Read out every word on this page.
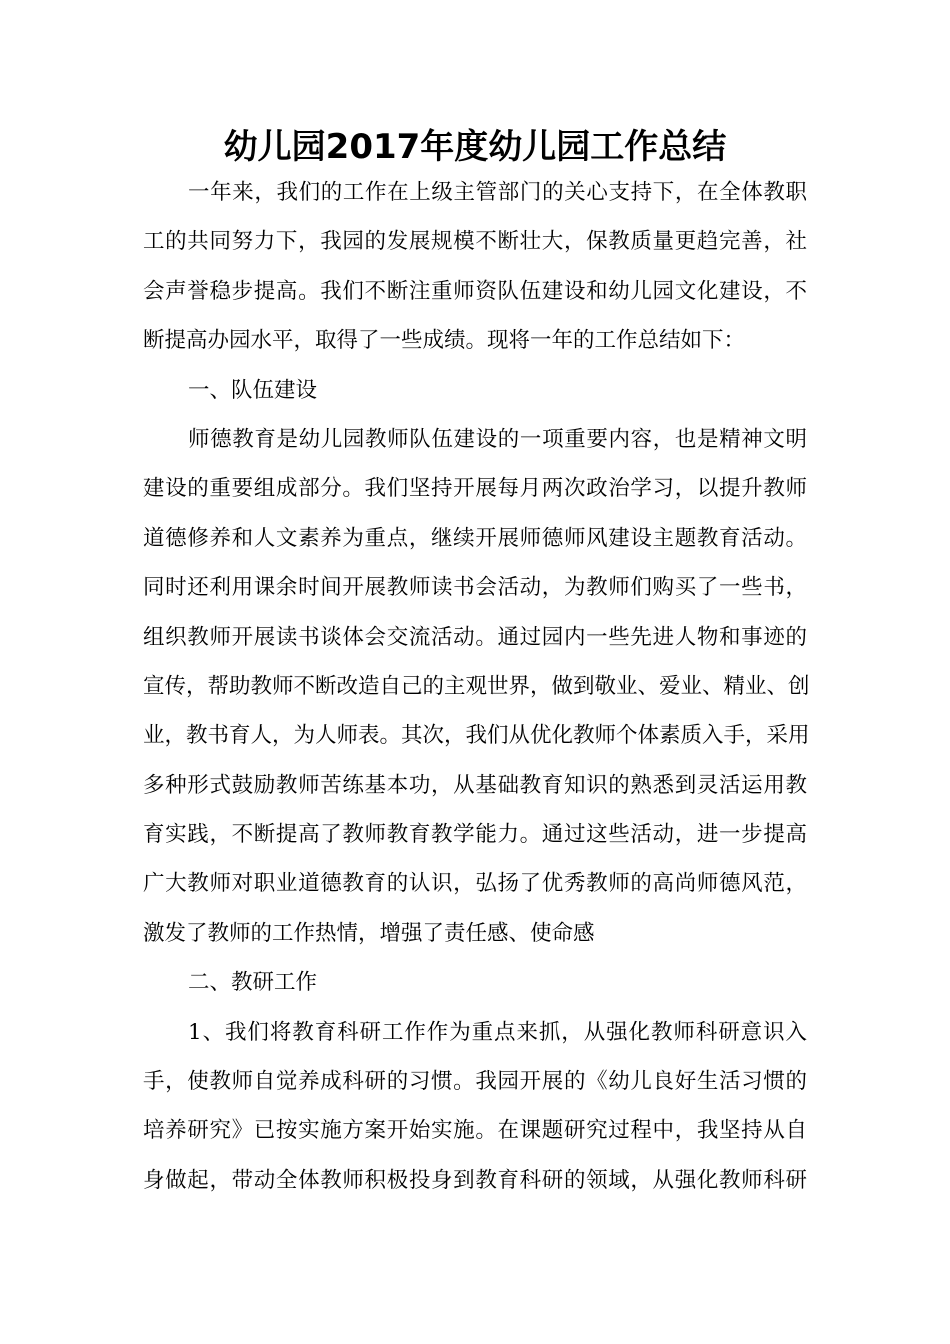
幼儿园2017年度幼儿园工作总结
一年来，我们的工作在上级主管部门的关心支持下，在全体教职
工的共同努力下，我园的发展规模不断壮大，保教质量更趋完善，社
会声誉稳步提高。我们不断注重师资队伍建设和幼儿园文化建设，不
断提高办园水平，取得了一些成绩。现将一年的工作总结如下：
一、队伍建设
师德教育是幼儿园教师队伍建设的一项重要内容，也是精神文明
建设的重要组成部分。我们坚持开展每月两次政治学习，以提升教师
道德修养和人文素养为重点，继续开展师德师风建设主题教育活动。
同时还利用课余时间开展教师读书会活动，为教师们购买了一些书，
组织教师开展读书谈体会交流活动。通过园内一些先进人物和事迹的
宣传，帮助教师不断改造自己的主观世界，做到敬业、爱业、精业、创
业，教书育人，为人师表。其次，我们从优化教师个体素质入手，采用
多种形式鼓励教师苦练基本功，从基础教育知识的熟悉到灵活运用教
育实践，不断提高了教师教育教学能力。通过这些活动，进一步提高
广大教师对职业道德教育的认识，弘扬了优秀教师的高尚师德风范，
激发了教师的工作热情，增强了责任感、使命感
二、教研工作
1、我们将教育科研工作作为重点来抓，从强化教师科研意识入
手，使教师自觉养成科研的习惯。我园开展的《幼儿良好生活习惯的
培养研究》已按实施方案开始实施。在课题研究过程中，我坚持从自
身做起，带动全体教师积极投身到教育科研的领域，从强化教师科研
